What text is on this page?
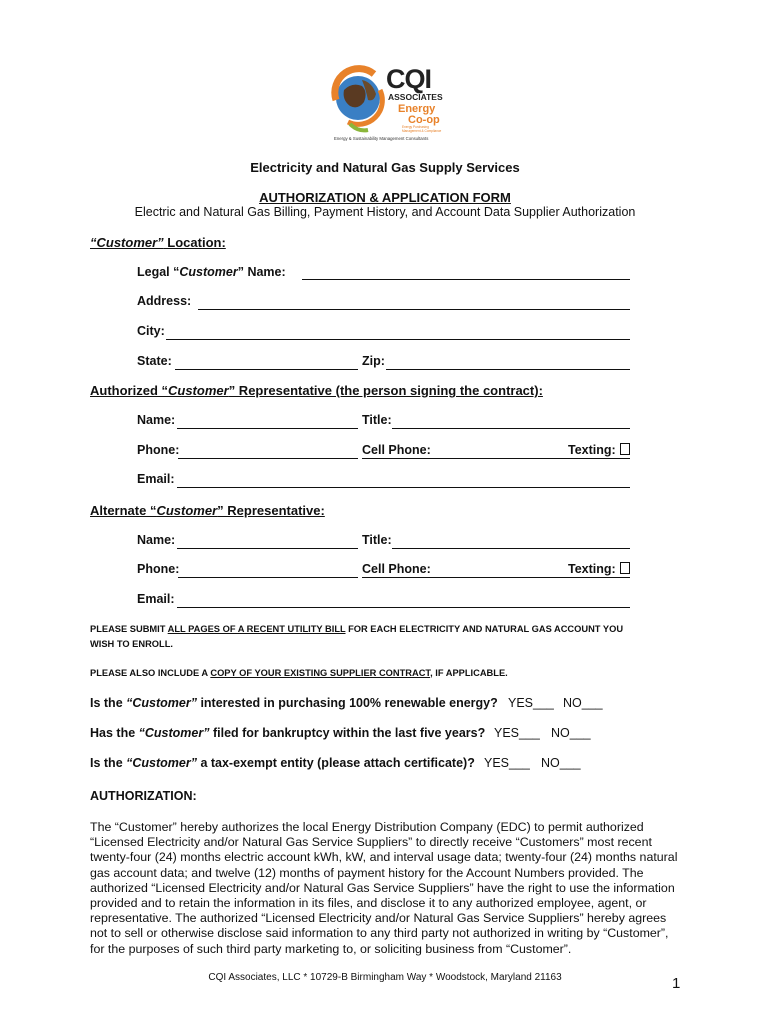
CQI
ASSOCIATES
Energy
Co-op
Energy Purchasing Management & Compliance
Energy & Sustainability Management Consultants
Electricity and Natural Gas Supply Services
AUTHORIZATION & APPLICATION FORM
Electric and Natural Gas Billing, Payment History, and Account Data Supplier Authorization
“Customer” Location:
Legal “Customer” Name:
Address:
City:
State:	Zip:
Authorized “Customer” Representative (the person signing the contract):
Name:	Title:
Phone:	Cell Phone:	Texting:
Email:
Alternate “Customer” Representative:
Name:	Title:
Phone:	Cell Phone:	Texting:
Email:
PLEASE SUBMIT ALL PAGES OF A RECENT UTILITY BILL FOR EACH ELECTRICITY AND NATURAL GAS ACCOUNT YOU
WISH TO ENROLL.
PLEASE ALSO INCLUDE A COPY OF YOUR EXISTING SUPPLIER CONTRACT, IF APPLICABLE.
Is the “Customer” interested in purchasing 100% renewable energy? YES___ NO___
Has the “Customer” filed for bankruptcy within the last five years? YES___ NO___
Is the “Customer” a tax-exempt entity (please attach certificate)? YES___ NO___
AUTHORIZATION:

The “Customer” hereby authorizes the local Energy Distribution Company (EDC) to permit authorized “Licensed Electricity and/or Natural Gas Service Suppliers” to directly receive “Customers” most recent twenty-four (24) months electric account kWh, kW, and interval usage data; twenty-four (24) months natural gas account data; and twelve (12) months of payment history for the Account Numbers provided. The authorized “Licensed Electricity and/or Natural Gas Service Suppliers” have the right to use the information provided and to retain the information in its files, and disclose it to any authorized employee, agent, or representative. The authorized “Licensed Electricity and/or Natural Gas Service Suppliers” hereby agrees not to sell or otherwise disclose said information to any third party not authorized in writing by “Customer”, for the purposes of such third party marketing to, or soliciting business from “Customer”.

CQI Associates, LLC * 10729-B Birmingham Way * Woodstock, Maryland 21163	1
